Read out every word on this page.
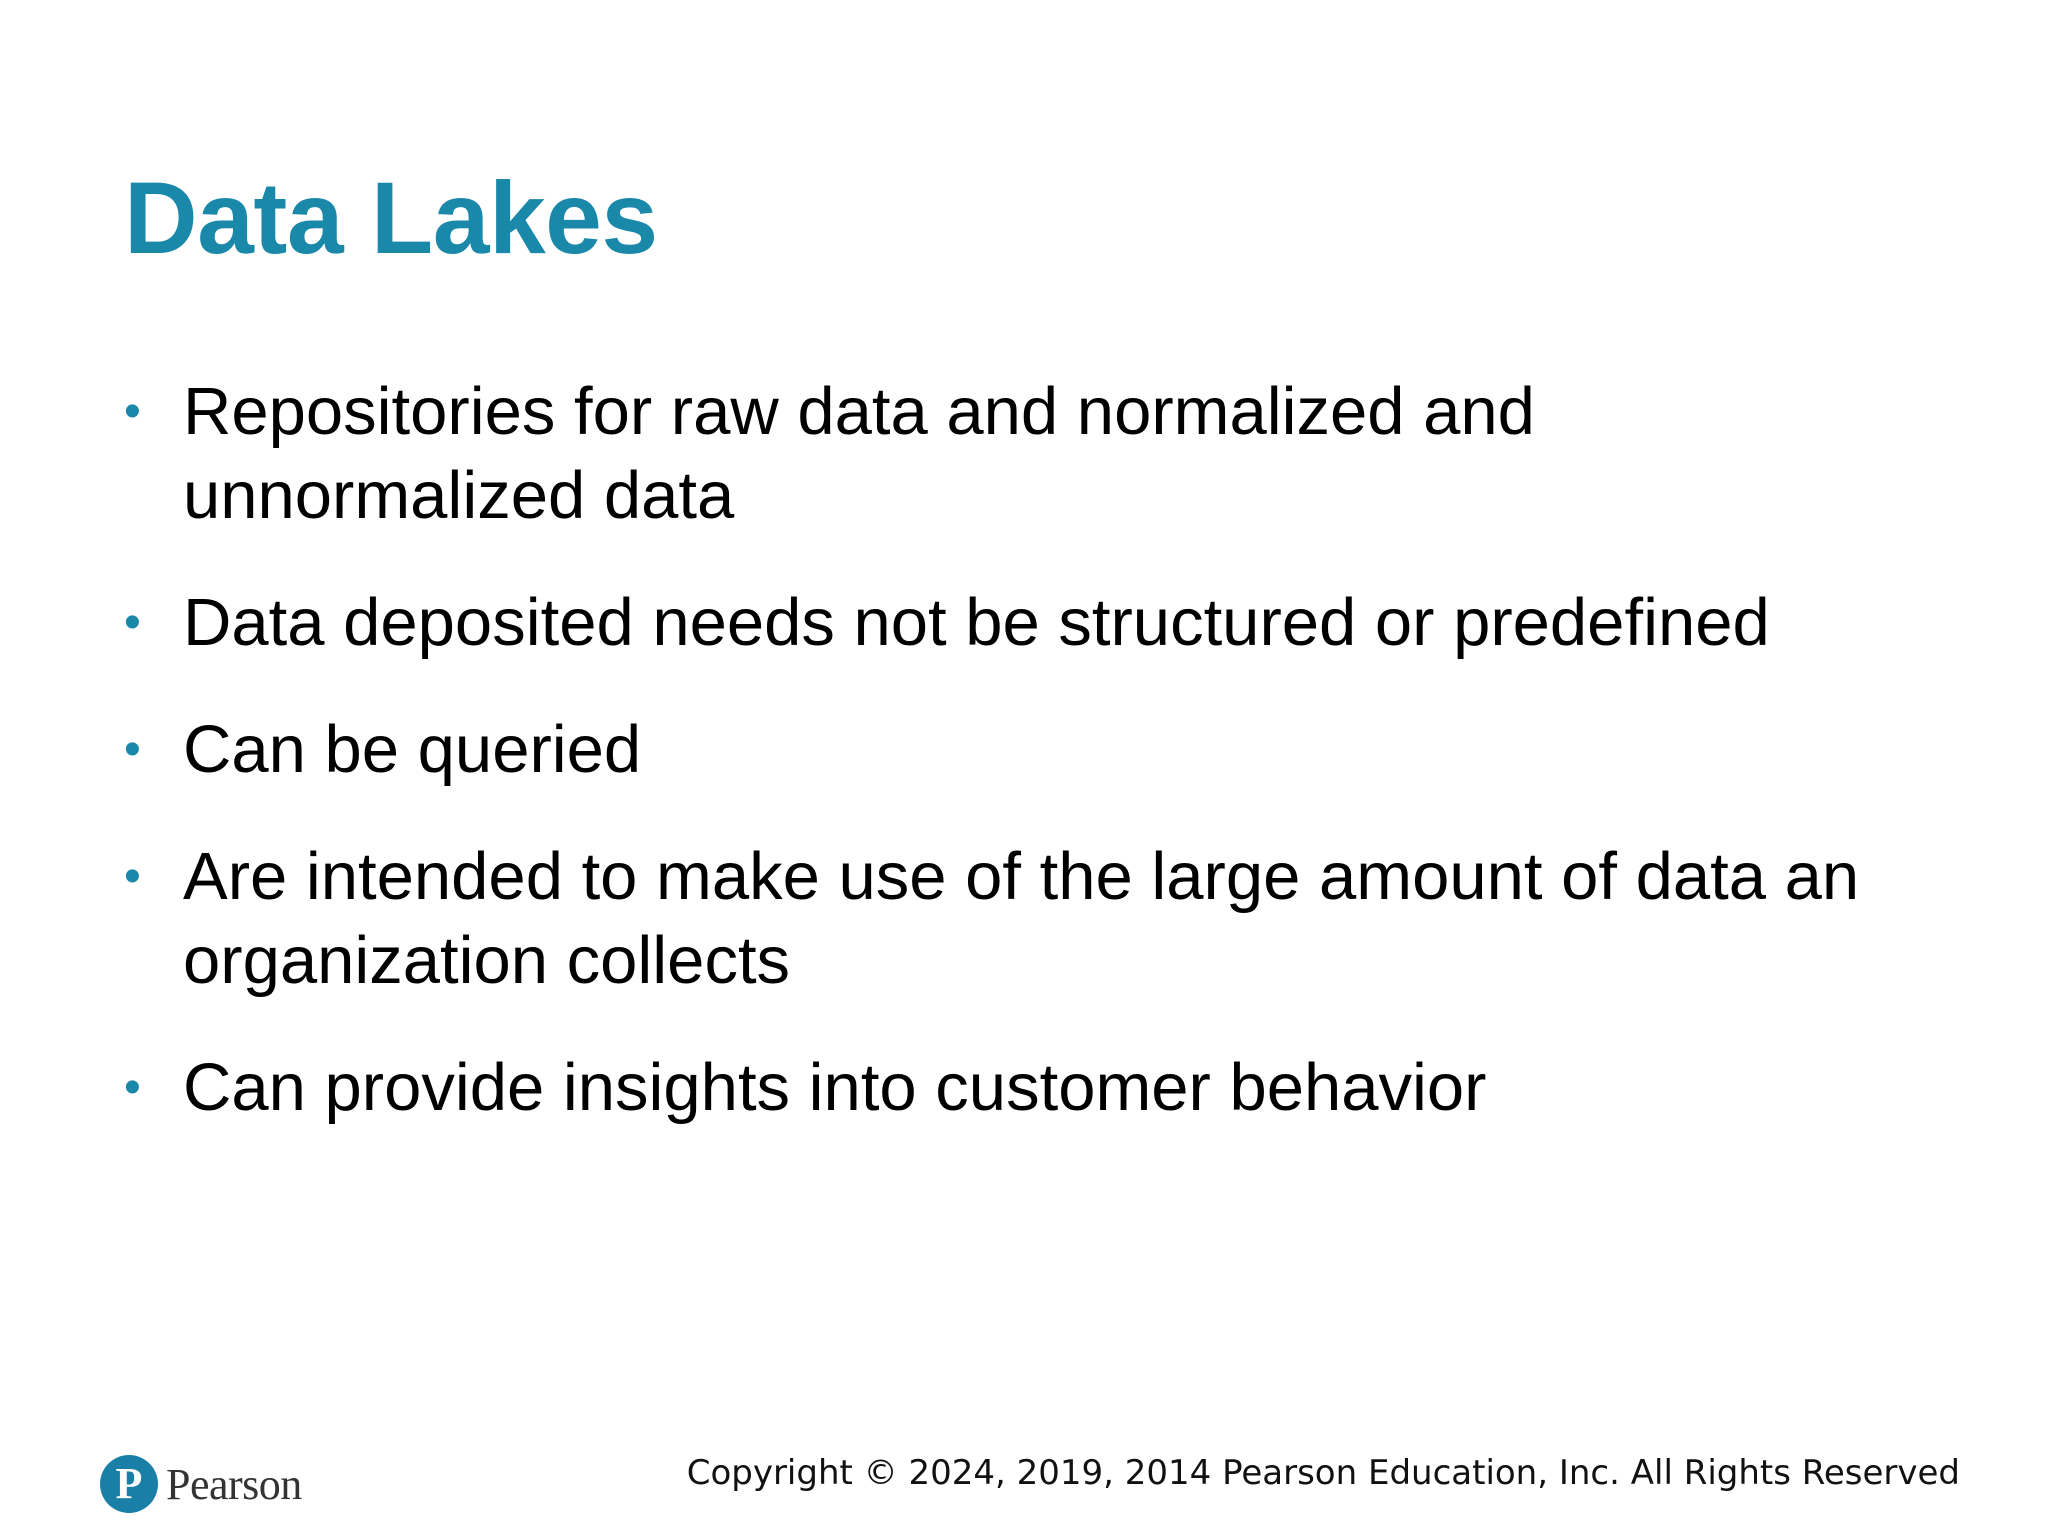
Data Lakes
• Repositories for raw data and normalized and unnormalized data
• Data deposited needs not be structured or predefined
• Can be queried
• Are intended to make use of the large amount of data an organization collects
• Can provide insights into customer behavior
P Pearson	Copyright © 2024, 2019, 2014 Pearson Education, Inc. All Rights Reserved
